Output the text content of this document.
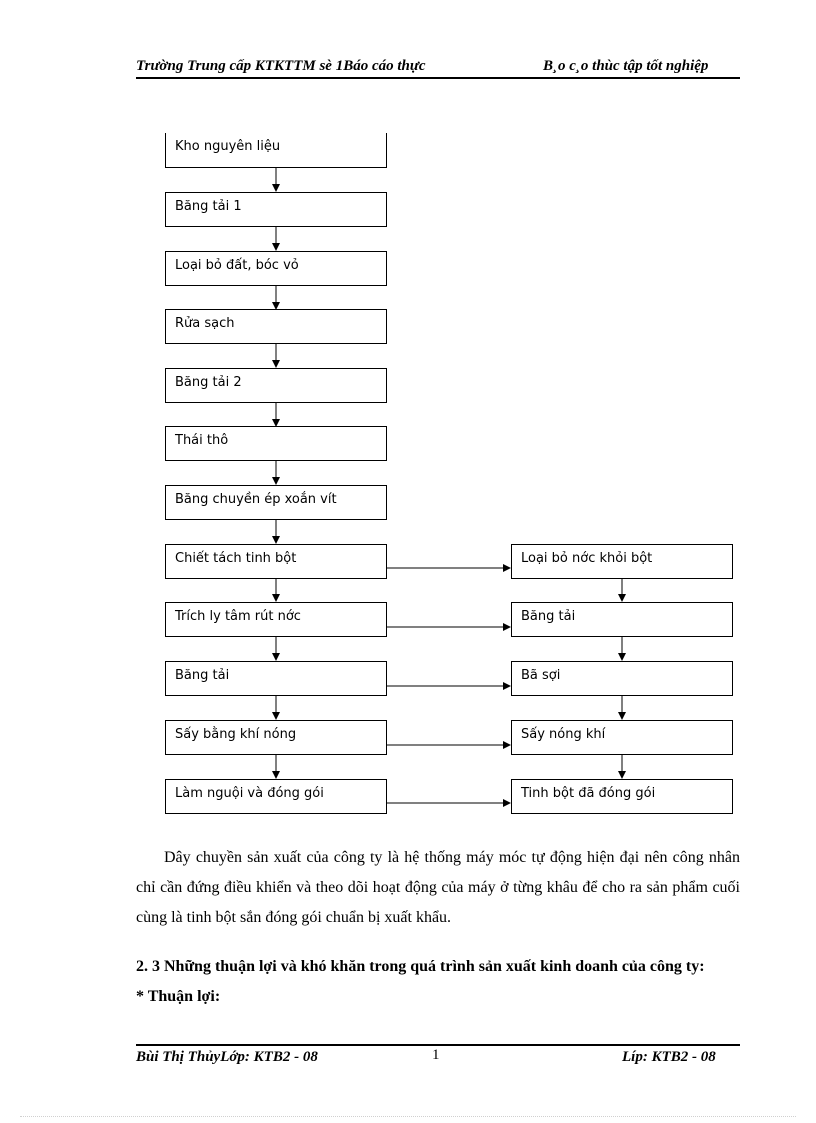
Trường Trung cấp KTKTTM sè 1Báo cáo thực	B¸o c¸o thùc tập tốt nghiệp
Kho nguyên liệu
Băng tải 1
Loại bỏ đất, bóc vỏ
Rửa sạch
Băng tải 2
Thái thô
Băng chuyền ép xoắn vít
Chiết tách tinh bột
Trích ly tâm rút nớc
Băng tải
Sấy bằng khí nóng
Làm nguội và đóng gói
Loại bỏ nớc khỏi bột
Băng tải
Bã sợi
Sấy nóng khí
Tinh bột đã đóng gói

Dây chuyền sản xuất của công ty là hệ thống máy móc tự động hiện đại nên công nhân chỉ cần đứng điều khiển và theo dõi hoạt động của máy ở từng khâu để cho ra sản phẩm cuối cùng là tinh bột sắn đóng gói chuẩn bị xuất khẩu.

2. 3 Những thuận lợi và khó khăn trong quá trình sản xuất kinh doanh của công ty:
* Thuận lợi:
Bùi Thị ThủyLớp: KTB2 - 08	1	Líp: KTB2 - 08
